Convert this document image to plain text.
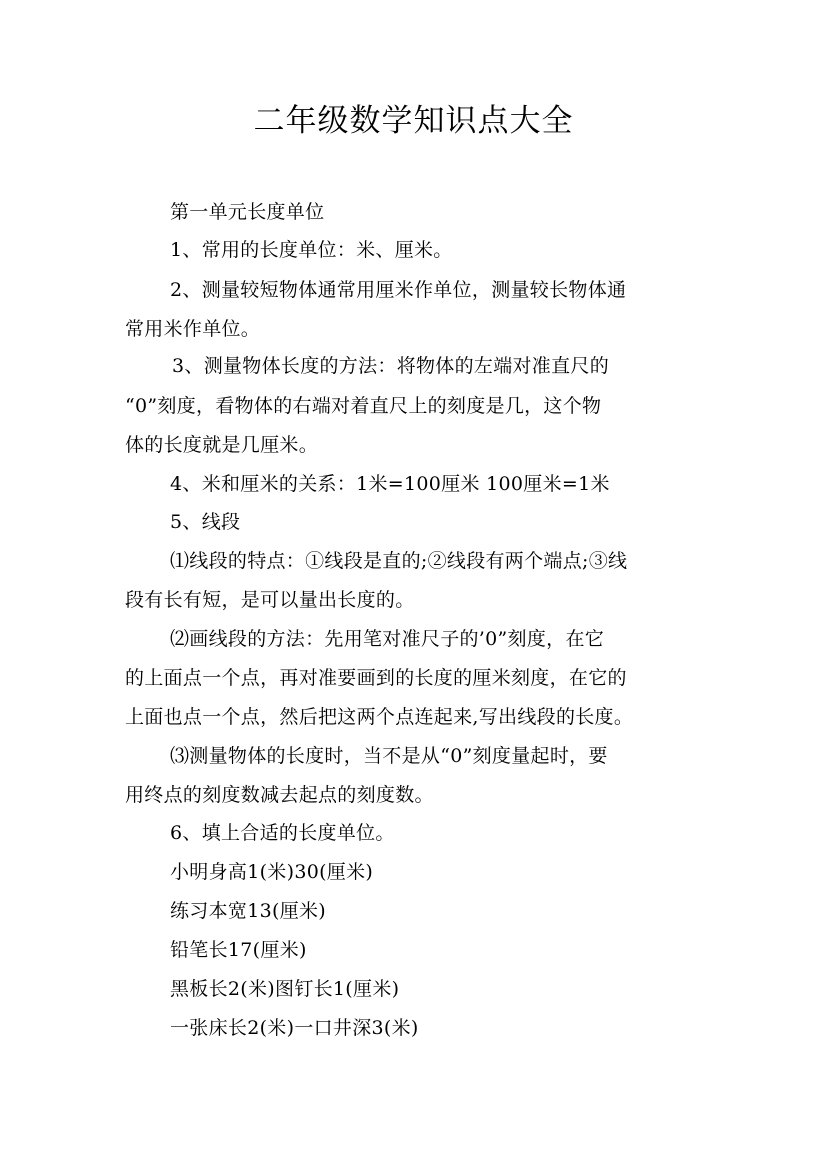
二年级数学知识点大全
第一单元长度单位
1、常用的长度单位：米、厘米。
2、测量较短物体通常用厘米作单位，测量较长物体通
常用米作单位。
3、测量物体长度的方法：将物体的左端对准直尺的
“0”刻度，看物体的右端对着直尺上的刻度是几，这个物
体的长度就是几厘米。
4、米和厘米的关系：1米=100厘米 100厘米=1米
5、线段
⑴线段的特点：①线段是直的;②线段有两个端点;③线
段有长有短，是可以量出长度的。
⑵画线段的方法：先用笔对准尺子的’0”刻度，在它
的上面点一个点，再对准要画到的长度的厘米刻度，在它的
上面也点一个点，然后把这两个点连起来,写出线段的长度。
⑶测量物体的长度时，当不是从“0”刻度量起时，要
用终点的刻度数减去起点的刻度数。
6、填上合适的长度单位。
小明身高1(米)30(厘米)
练习本宽13(厘米)
铅笔长17(厘米)
黑板长2(米)图钉长1(厘米)
一张床长2(米)一口井深3(米)
